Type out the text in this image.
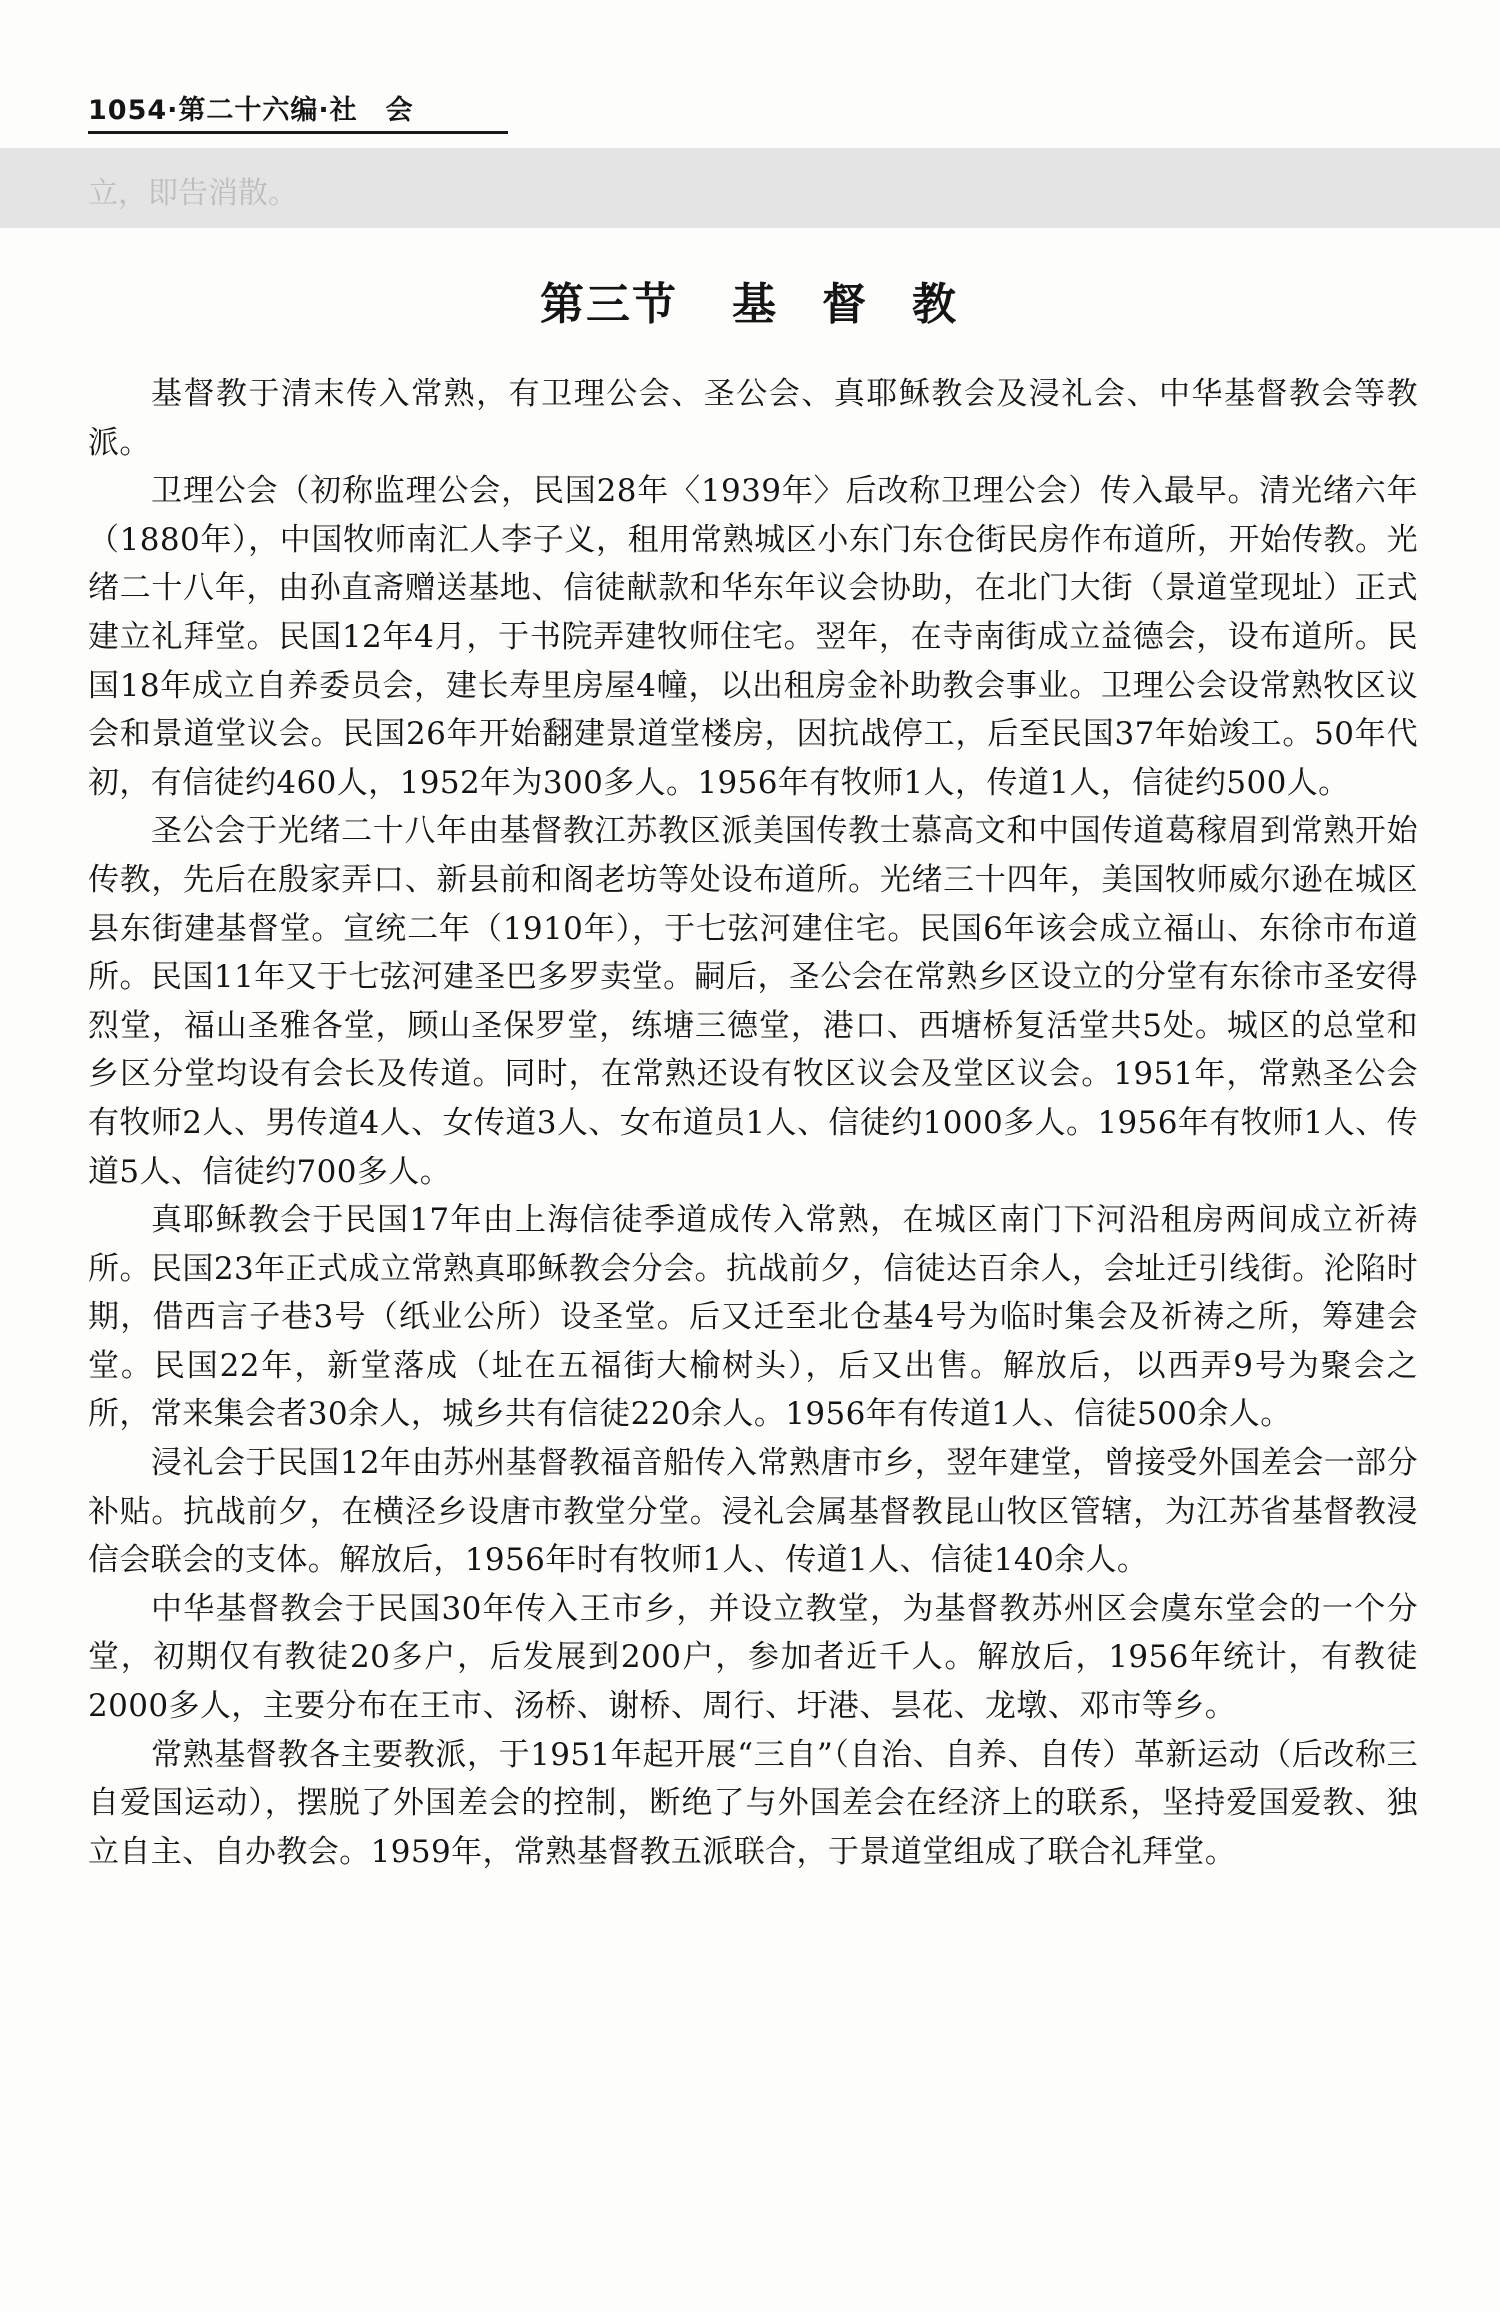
1054·第二十六编·社　会
立，即告消散。
第三节 基督教

基督教于清末传入常熟，有卫理公会、圣公会、真耶稣教会及浸礼会、中华基督教会等教派。

卫理公会（初称监理公会，民国28年〈1939年〉后改称卫理公会）传入最早。清光绪六年（1880年），中国牧师南汇人李子义，租用常熟城区小东门东仓街民房作布道所，开始传教。光绪二十八年，由孙直斋赠送基地、信徒献款和华东年议会协助，在北门大街（景道堂现址）正式建立礼拜堂。民国12年4月，于书院弄建牧师住宅。翌年，在寺南街成立益德会，设布道所。民国18年成立自养委员会，建长寿里房屋4幢，以出租房金补助教会事业。卫理公会设常熟牧区议会和景道堂议会。民国26年开始翻建景道堂楼房，因抗战停工，后至民国37年始竣工。50年代初，有信徒约460人，1952年为300多人。1956年有牧师1人，传道1人，信徒约500人。

圣公会于光绪二十八年由基督教江苏教区派美国传教士慕高文和中国传道葛稼眉到常熟开始传教，先后在殷家弄口、新县前和阁老坊等处设布道所。光绪三十四年，美国牧师威尔逊在城区县东街建基督堂。宣统二年（1910年），于七弦河建住宅。民国6年该会成立福山、东徐市布道所。民国11年又于七弦河建圣巴多罗卖堂。嗣后，圣公会在常熟乡区设立的分堂有东徐市圣安得烈堂，福山圣雅各堂，顾山圣保罗堂，练塘三德堂，港口、西塘桥复活堂共5处。城区的总堂和乡区分堂均设有会长及传道。同时，在常熟还设有牧区议会及堂区议会。1951年，常熟圣公会有牧师2人、男传道4人、女传道3人、女布道员1人、信徒约1000多人。1956年有牧师1人、传道5人、信徒约700多人。

真耶稣教会于民国17年由上海信徒季道成传入常熟，在城区南门下河沿租房两间成立祈祷所。民国23年正式成立常熟真耶稣教会分会。抗战前夕，信徒达百余人，会址迁引线街。沦陷时期，借西言子巷3号（纸业公所）设圣堂。后又迁至北仓基4号为临时集会及祈祷之所，筹建会堂。民国22年，新堂落成（址在五福街大榆树头），后又出售。解放后，以西弄9号为聚会之所，常来集会者30余人，城乡共有信徒220余人。1956年有传道1人、信徒500余人。

浸礼会于民国12年由苏州基督教福音船传入常熟唐市乡，翌年建堂，曾接受外国差会一部分补贴。抗战前夕，在横泾乡设唐市教堂分堂。浸礼会属基督教昆山牧区管辖，为江苏省基督教浸信会联会的支体。解放后，1956年时有牧师1人、传道1人、信徒140余人。

中华基督教会于民国30年传入王市乡，并设立教堂，为基督教苏州区会虞东堂会的一个分堂，初期仅有教徒20多户，后发展到200户，参加者近千人。解放后，1956年统计，有教徒2000多人，主要分布在王市、汤桥、谢桥、周行、圩港、昙花、龙墩、邓市等乡。

常熟基督教各主要教派，于1951年起开展“三自”（自治、自养、自传）革新运动（后改称三自爱国运动），摆脱了外国差会的控制，断绝了与外国差会在经济上的联系，坚持爱国爱教、独立自主、自办教会。1959年，常熟基督教五派联合，于景道堂组成了联合礼拜堂。
